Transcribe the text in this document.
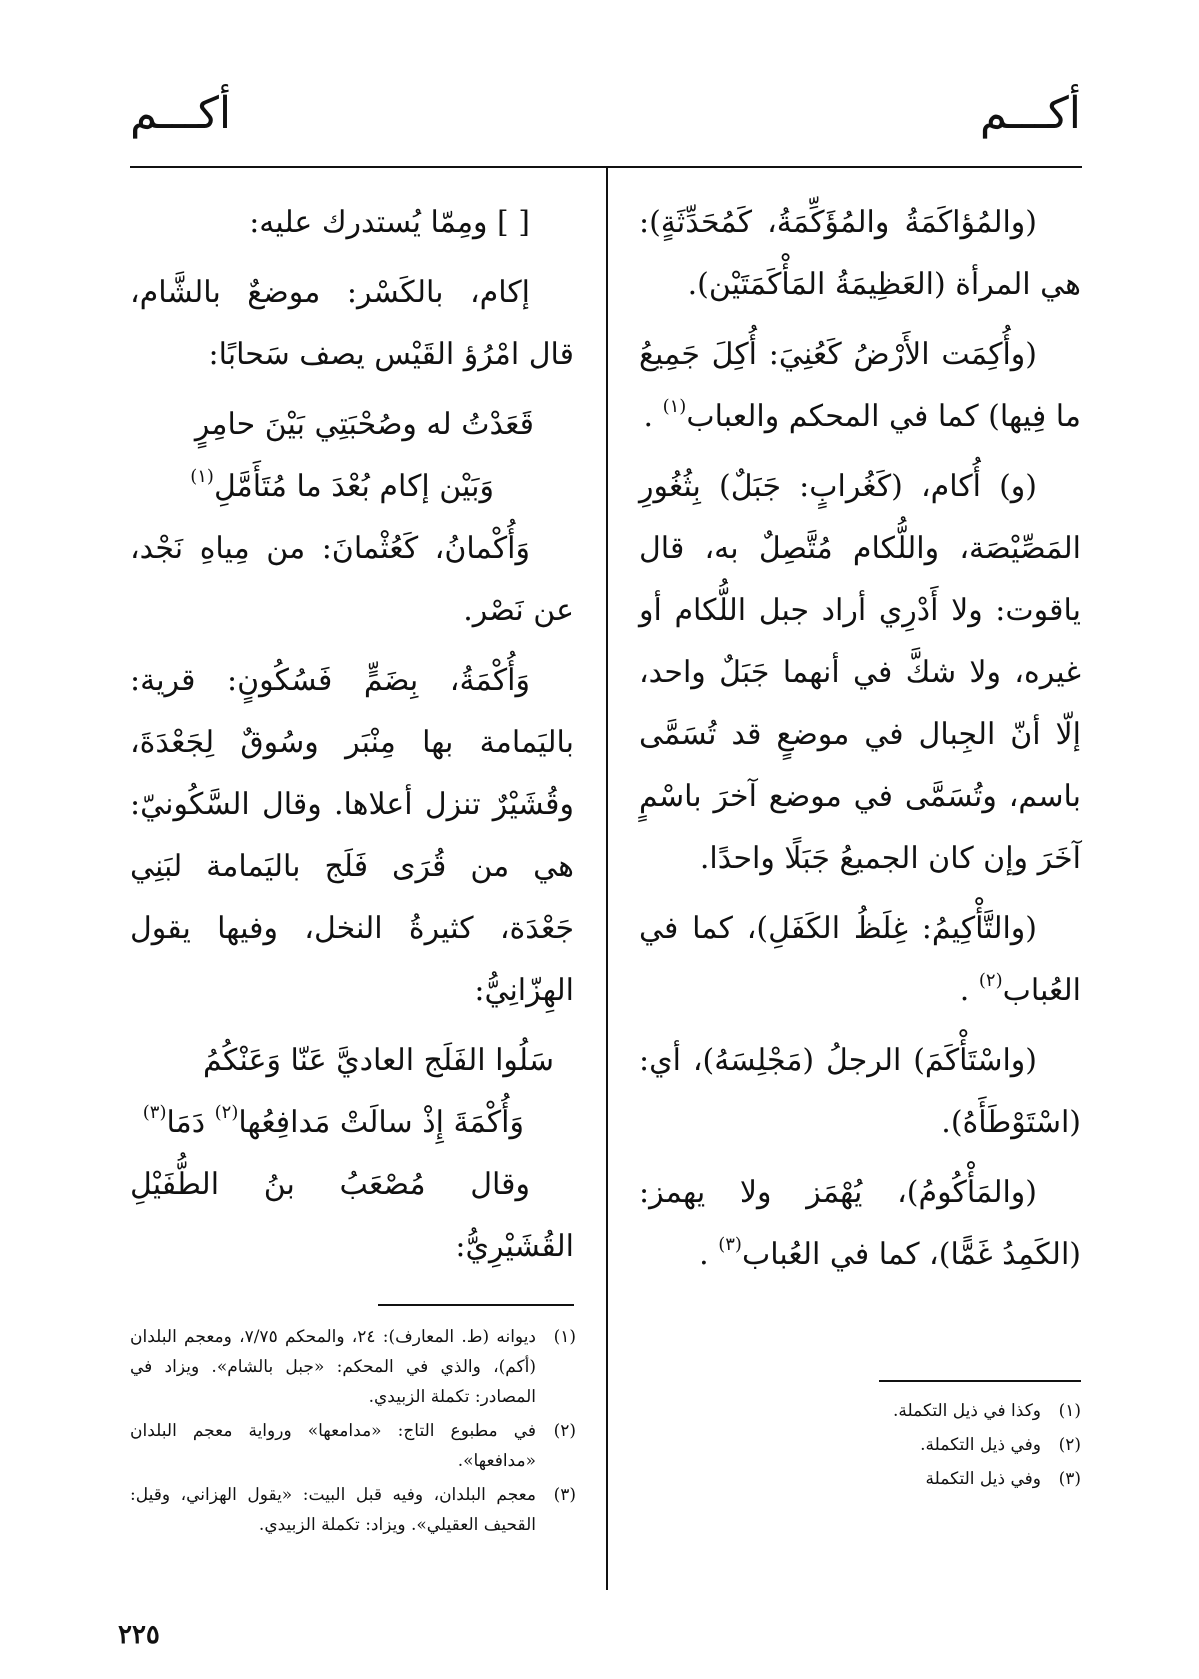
أكـــم
أكـــم

(والمُؤاكَمَةُ والمُؤَكِّمَةُ، كَمُحَدِّثَةٍ): هي المرأة (العَظِيمَةُ المَأْكَمَتَيْن).

(وأُكِمَت الأَرْضُ كَعُنِيَ: أُكِلَ جَمِيعُ ما فِيها) كما في المحكم والعباب$^{(١)}$ .

(و) أُكام، (كَغُرابٍ: جَبَلٌ) بِثُغُورِ المَصِّيْصَة، واللُّكام مُتَّصِلٌ به، قال ياقوت: ولا أَدْرِي أراد جبل اللُّكام أو غيره، ولا شكَّ في أنهما جَبَلٌ واحد، إلّا أنّ الجِبال في موضعٍ قد تُسَمَّى باسم، وتُسَمَّى في موضع آخرَ باسْمٍ آخَرَ وإن كان الجميعُ جَبَلًا واحدًا.

(والتَّأْكِيمُ: غِلَظُ الكَفَلِ)، كما في العُباب$^{(٢)}$ .

(واسْتَأْكَمَ) الرجلُ (مَجْلِسَهُ)، أي: (اسْتَوْطَأَهُ).

(والمَأْكُومُ)، يُهْمَز ولا يهمز: (الكَمِدُ غَمًّا)، كما في العُباب$^{(٣)}$ .

(١)
وكذا في ذيل التكملة.
(٢)
وفي ذيل التكملة.
(٣)
وفي ذيل التكملة

[ ] ومِمّا يُستدرك عليه:

إكام، بالكَسْر: موضعٌ بالشَّام، قال امْرُؤ القَيْس يصف سَحابًا:

قَعَدْتُ له وصُحْبَتِي بَيْنَ حامِرٍ

وَبَيْن إكام بُعْدَ ما مُتَأَمَّلِ$^{(١)}$

وَأُكْمانُ، كَعُثْمانَ: من مِياهِ نَجْد، عن نَصْر.

وَأُكْمَةُ، بِضَمٍّ فَسُكُونٍ: قرية: باليَمامة بها مِنْبَر وسُوقٌ لِجَعْدَةَ، وقُشَيْرٌ تنزل أعلاها. وقال السَّكُونيّ: هي من قُرَى فَلَج باليَمامة لبَنِي جَعْدَة، كثيرةُ النخل، وفيها يقول الهِزّانِيُّ:

سَلُوا الفَلَج العاديَّ عَنّا وَعَنْكُمُ

وَأُكْمَةَ إِذْ سالَتْ مَدافِعُها$^{(٢)}$ دَمَا$^{(٣)}$

وقال مُصْعَبُ بنُ الطُّفَيْلِ القُشَيْرِيُّ:

(١)
ديوانه (ط. المعارف): ٢٤، والمحكم ٧/٧٥، ومعجم البلدان (أكم)، والذي في المحكم: «جبل بالشام». ويزاد في المصادر: تكملة الزبيدي.
(٢)
في مطبوع التاج: «مدامعها» ورواية معجم البلدان «مدافعها».
(٣)
معجم البلدان، وفيه قبل البيت: «يقول الهزاني، وقيل: القحيف العقيلي». ويزاد: تكملة الزبيدي.
٢٢٥
